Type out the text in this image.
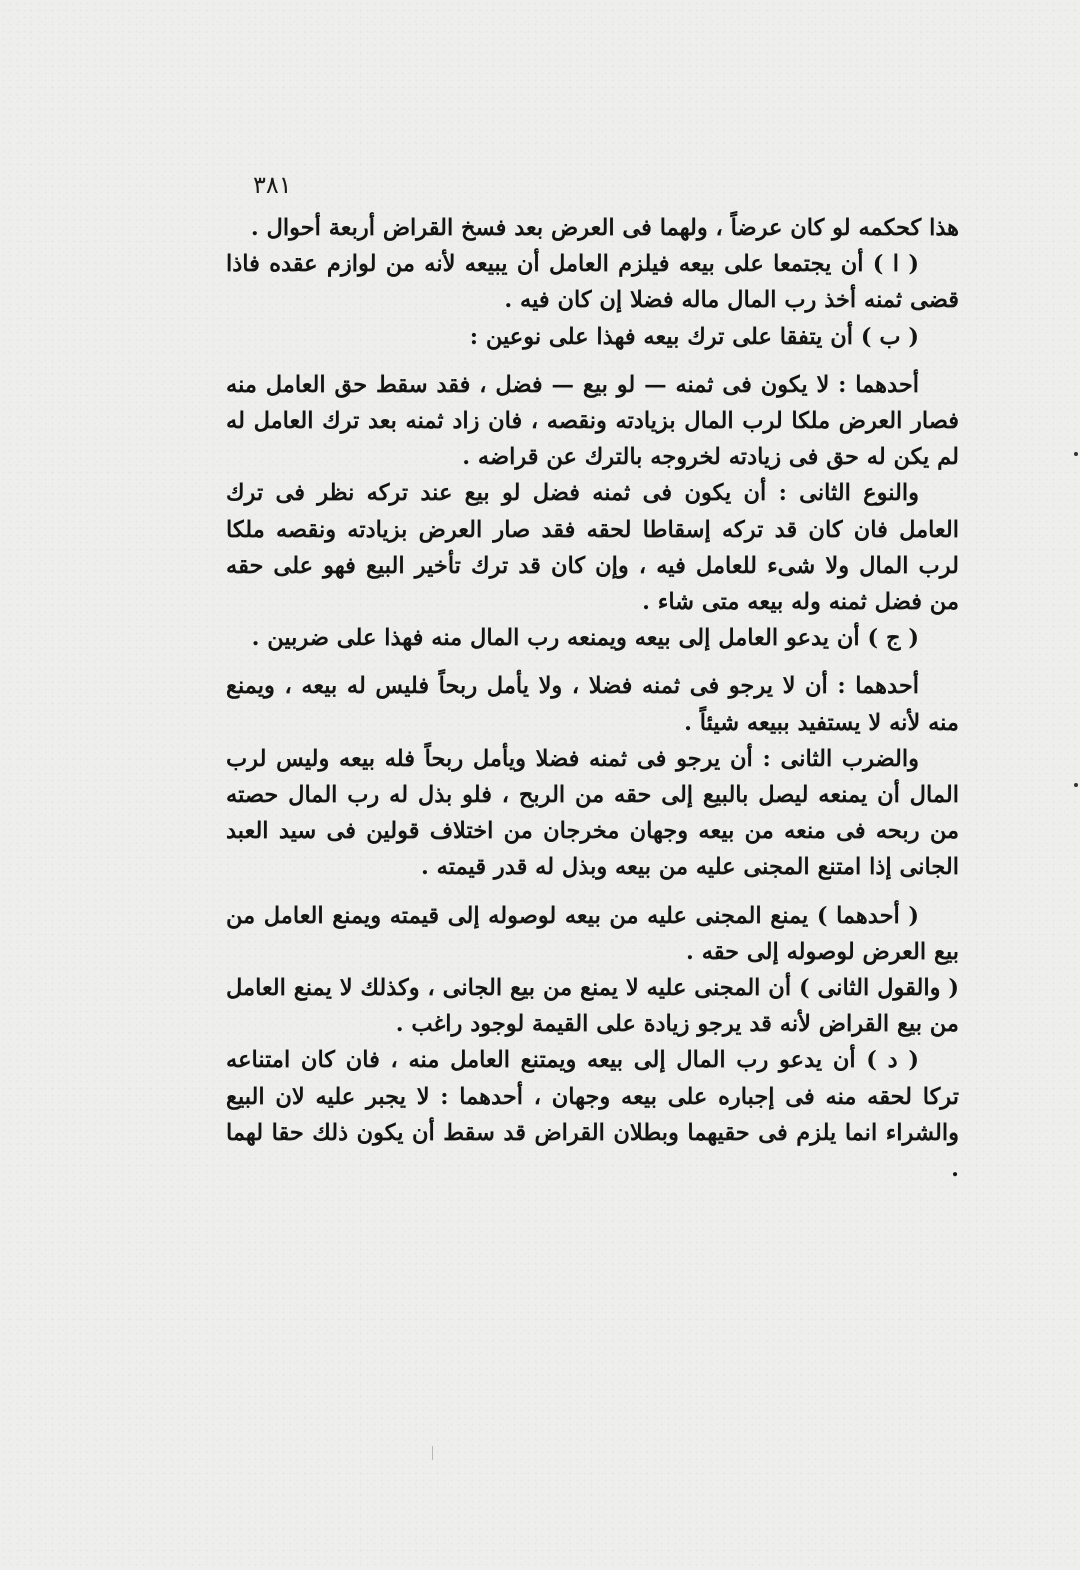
٣٨١

هذا كحكمه لو كان عرضاً ، ولهما فى العرض بعد فسخ القراض أربعة أحوال .

( ا ) أن يجتمعا على بيعه فيلزم العامل أن يبيعه لأنه من لوازم عقده فاذا قضى ثمنه أخذ رب المال ماله فضلا إن كان فيه .

( ب ) أن يتفقا على ترك بيعه فهذا على نوعين :

أحدهما : لا يكون فى ثمنه — لو بيع — فضل ، فقد سقط حق العامل منه فصار العرض ملكا لرب المال بزيادته ونقصه ، فان زاد ثمنه بعد ترك العامل له لم يكن له حق فى زيادته لخروجه بالترك عن قراضه .

والنوع الثانى : أن يكون فى ثمنه فضل لو بيع عند تركه نظر فى ترك العامل فان كان قد تركه إسقاطا لحقه فقد صار العرض بزيادته ونقصه ملكا لرب المال ولا شىء للعامل فيه ، وإن كان قد ترك تأخير البيع فهو على حقه من فضل ثمنه وله بيعه متى شاء .

( ج ) أن يدعو العامل إلى بيعه ويمنعه رب المال منه فهذا على ضربين .

أحدهما : أن لا يرجو فى ثمنه فضلا ، ولا يأمل ربحاً فليس له بيعه ، ويمنع منه لأنه لا يستفيد ببيعه شيئاً .

والضرب الثانى : أن يرجو فى ثمنه فضلا ويأمل ربحاً فله بيعه وليس لرب المال أن يمنعه ليصل بالبيع إلى حقه من الربح ، فلو بذل له رب المال حصته من ربحه فى منعه من بيعه وجهان مخرجان من اختلاف قولين فى سيد العبد الجانى إذا امتنع المجنى عليه من بيعه وبذل له قدر قيمته .

( أحدهما ) يمنع المجنى عليه من بيعه لوصوله إلى قيمته ويمنع العامل من بيع العرض لوصوله إلى حقه .

( والقول الثانى ) أن المجنى عليه لا يمنع من بيع الجانى ، وكذلك لا يمنع العامل من بيع القراض لأنه قد يرجو زيادة على القيمة لوجود راغب .

( د ) أن يدعو رب المال إلى بيعه ويمتنع العامل منه ، فان كان امتناعه تركا لحقه منه فى إجباره على بيعه وجهان ، أحدهما : لا يجبر عليه لان البيع والشراء انما يلزم فى حقيهما وبطلان القراض قد سقط أن يكون ذلك حقا لهما .
